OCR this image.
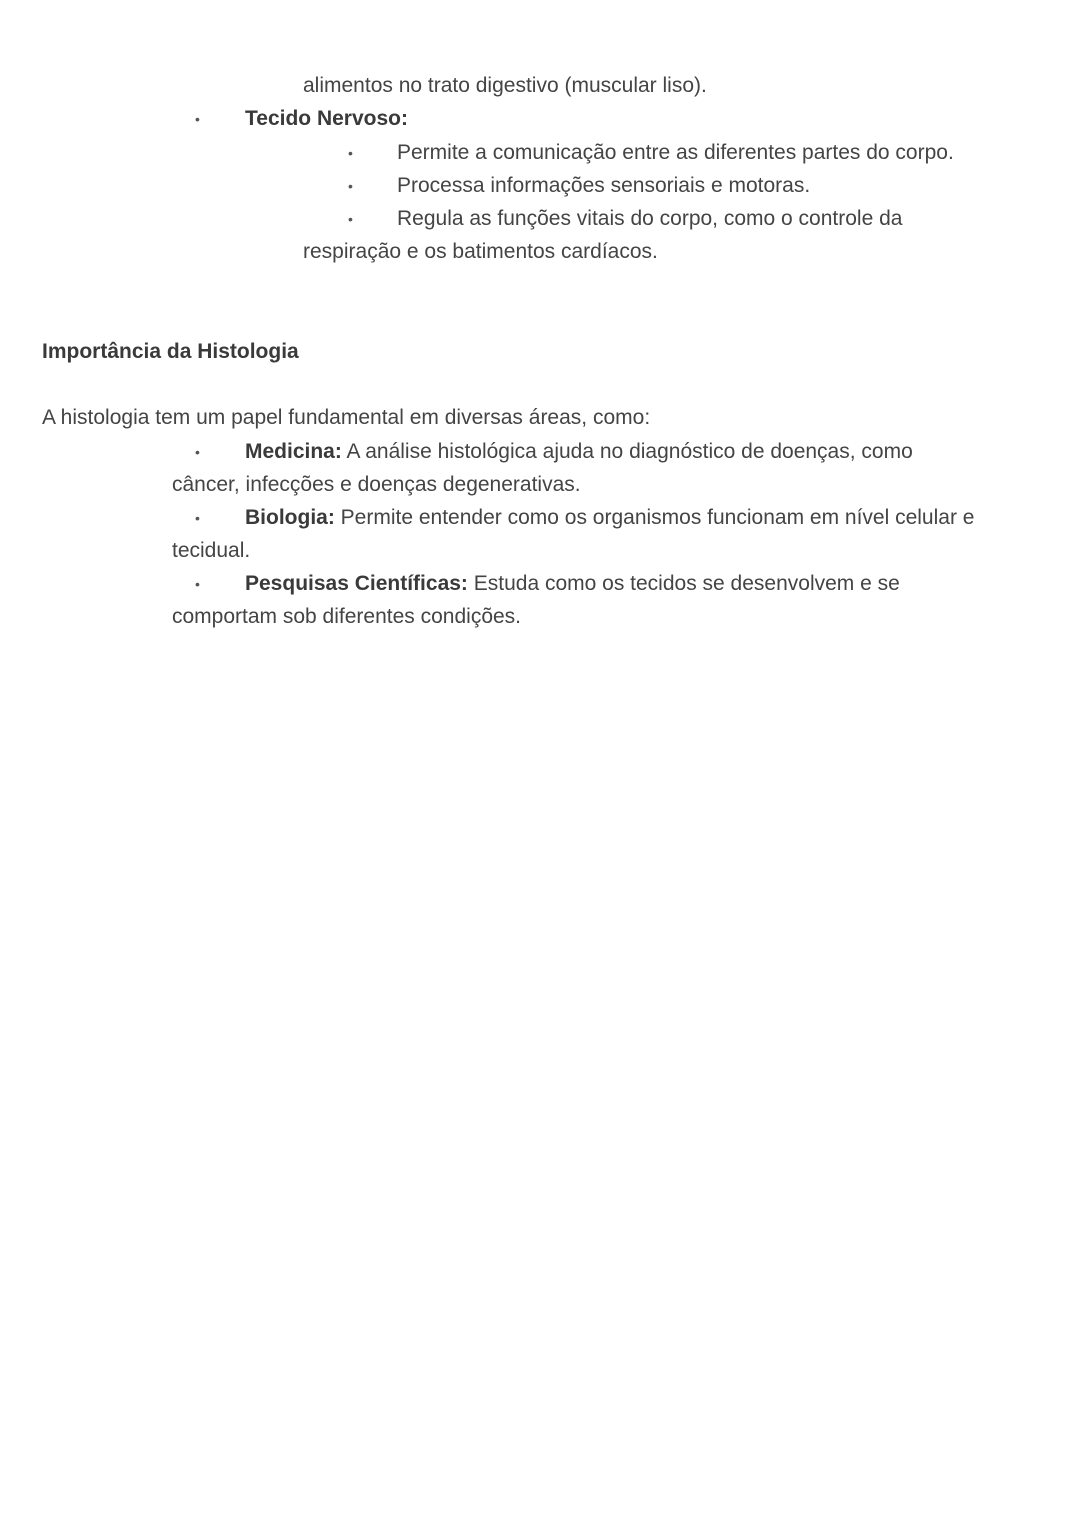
alimentos no trato digestivo (muscular liso).
• Tecido Nervoso:
• Permite a comunicação entre as diferentes partes do corpo.
• Processa informações sensoriais e motoras.
• Regula as funções vitais do corpo, como o controle da
respiração e os batimentos cardíacos.
Importância da Histologia
A histologia tem um papel fundamental em diversas áreas, como:
• Medicina: A análise histológica ajuda no diagnóstico de doenças, como
câncer, infecções e doenças degenerativas.
• Biologia: Permite entender como os organismos funcionam em nível celular e
tecidual.
• Pesquisas Científicas: Estuda como os tecidos se desenvolvem e se
comportam sob diferentes condições.
